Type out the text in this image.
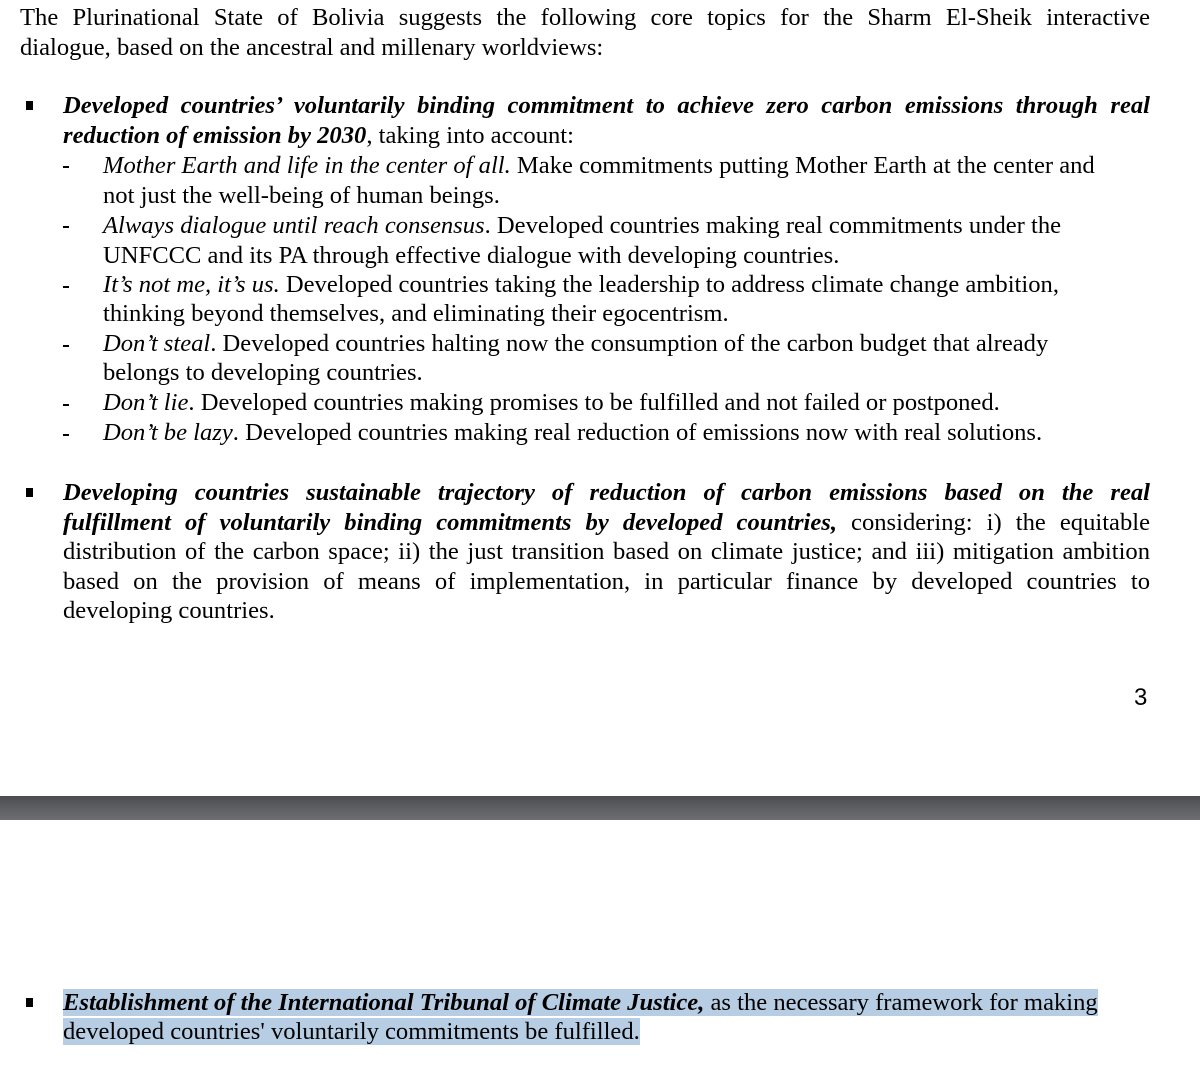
The Plurinational State of Bolivia suggests the following core topics for the Sharm El-Sheik interactive
dialogue, based on the ancestral and millenary worldviews:
Developed countries’ voluntarily binding commitment to achieve zero carbon emissions through real
reduction of emission by 2030, taking into account:
Mother Earth and life in the center of all. Make commitments putting Mother Earth at the center and
not just the well-being of human beings.
Always dialogue until reach consensus. Developed countries making real commitments under the
UNFCCC and its PA through effective dialogue with developing countries.
It’s not me, it’s us. Developed countries taking the leadership to address climate change ambition,
thinking beyond themselves, and eliminating their egocentrism.
Don’t steal. Developed countries halting now the consumption of the carbon budget that already
belongs to developing countries.
Don’t lie. Developed countries making promises to be fulfilled and not failed or postponed.
Don’t be lazy. Developed countries making real reduction of emissions now with real solutions.
Developing countries sustainable trajectory of reduction of carbon emissions based on the real
fulfillment of voluntarily binding commitments by developed countries, considering: i) the equitable
distribution of the carbon space; ii) the just transition based on climate justice; and iii) mitigation ambition
based on the provision of means of implementation, in particular finance by developed countries to
developing countries.
3
Establishment of the International Tribunal of Climate Justice, as the necessary framework for making
developed countries' voluntarily commitments be fulfilled.
